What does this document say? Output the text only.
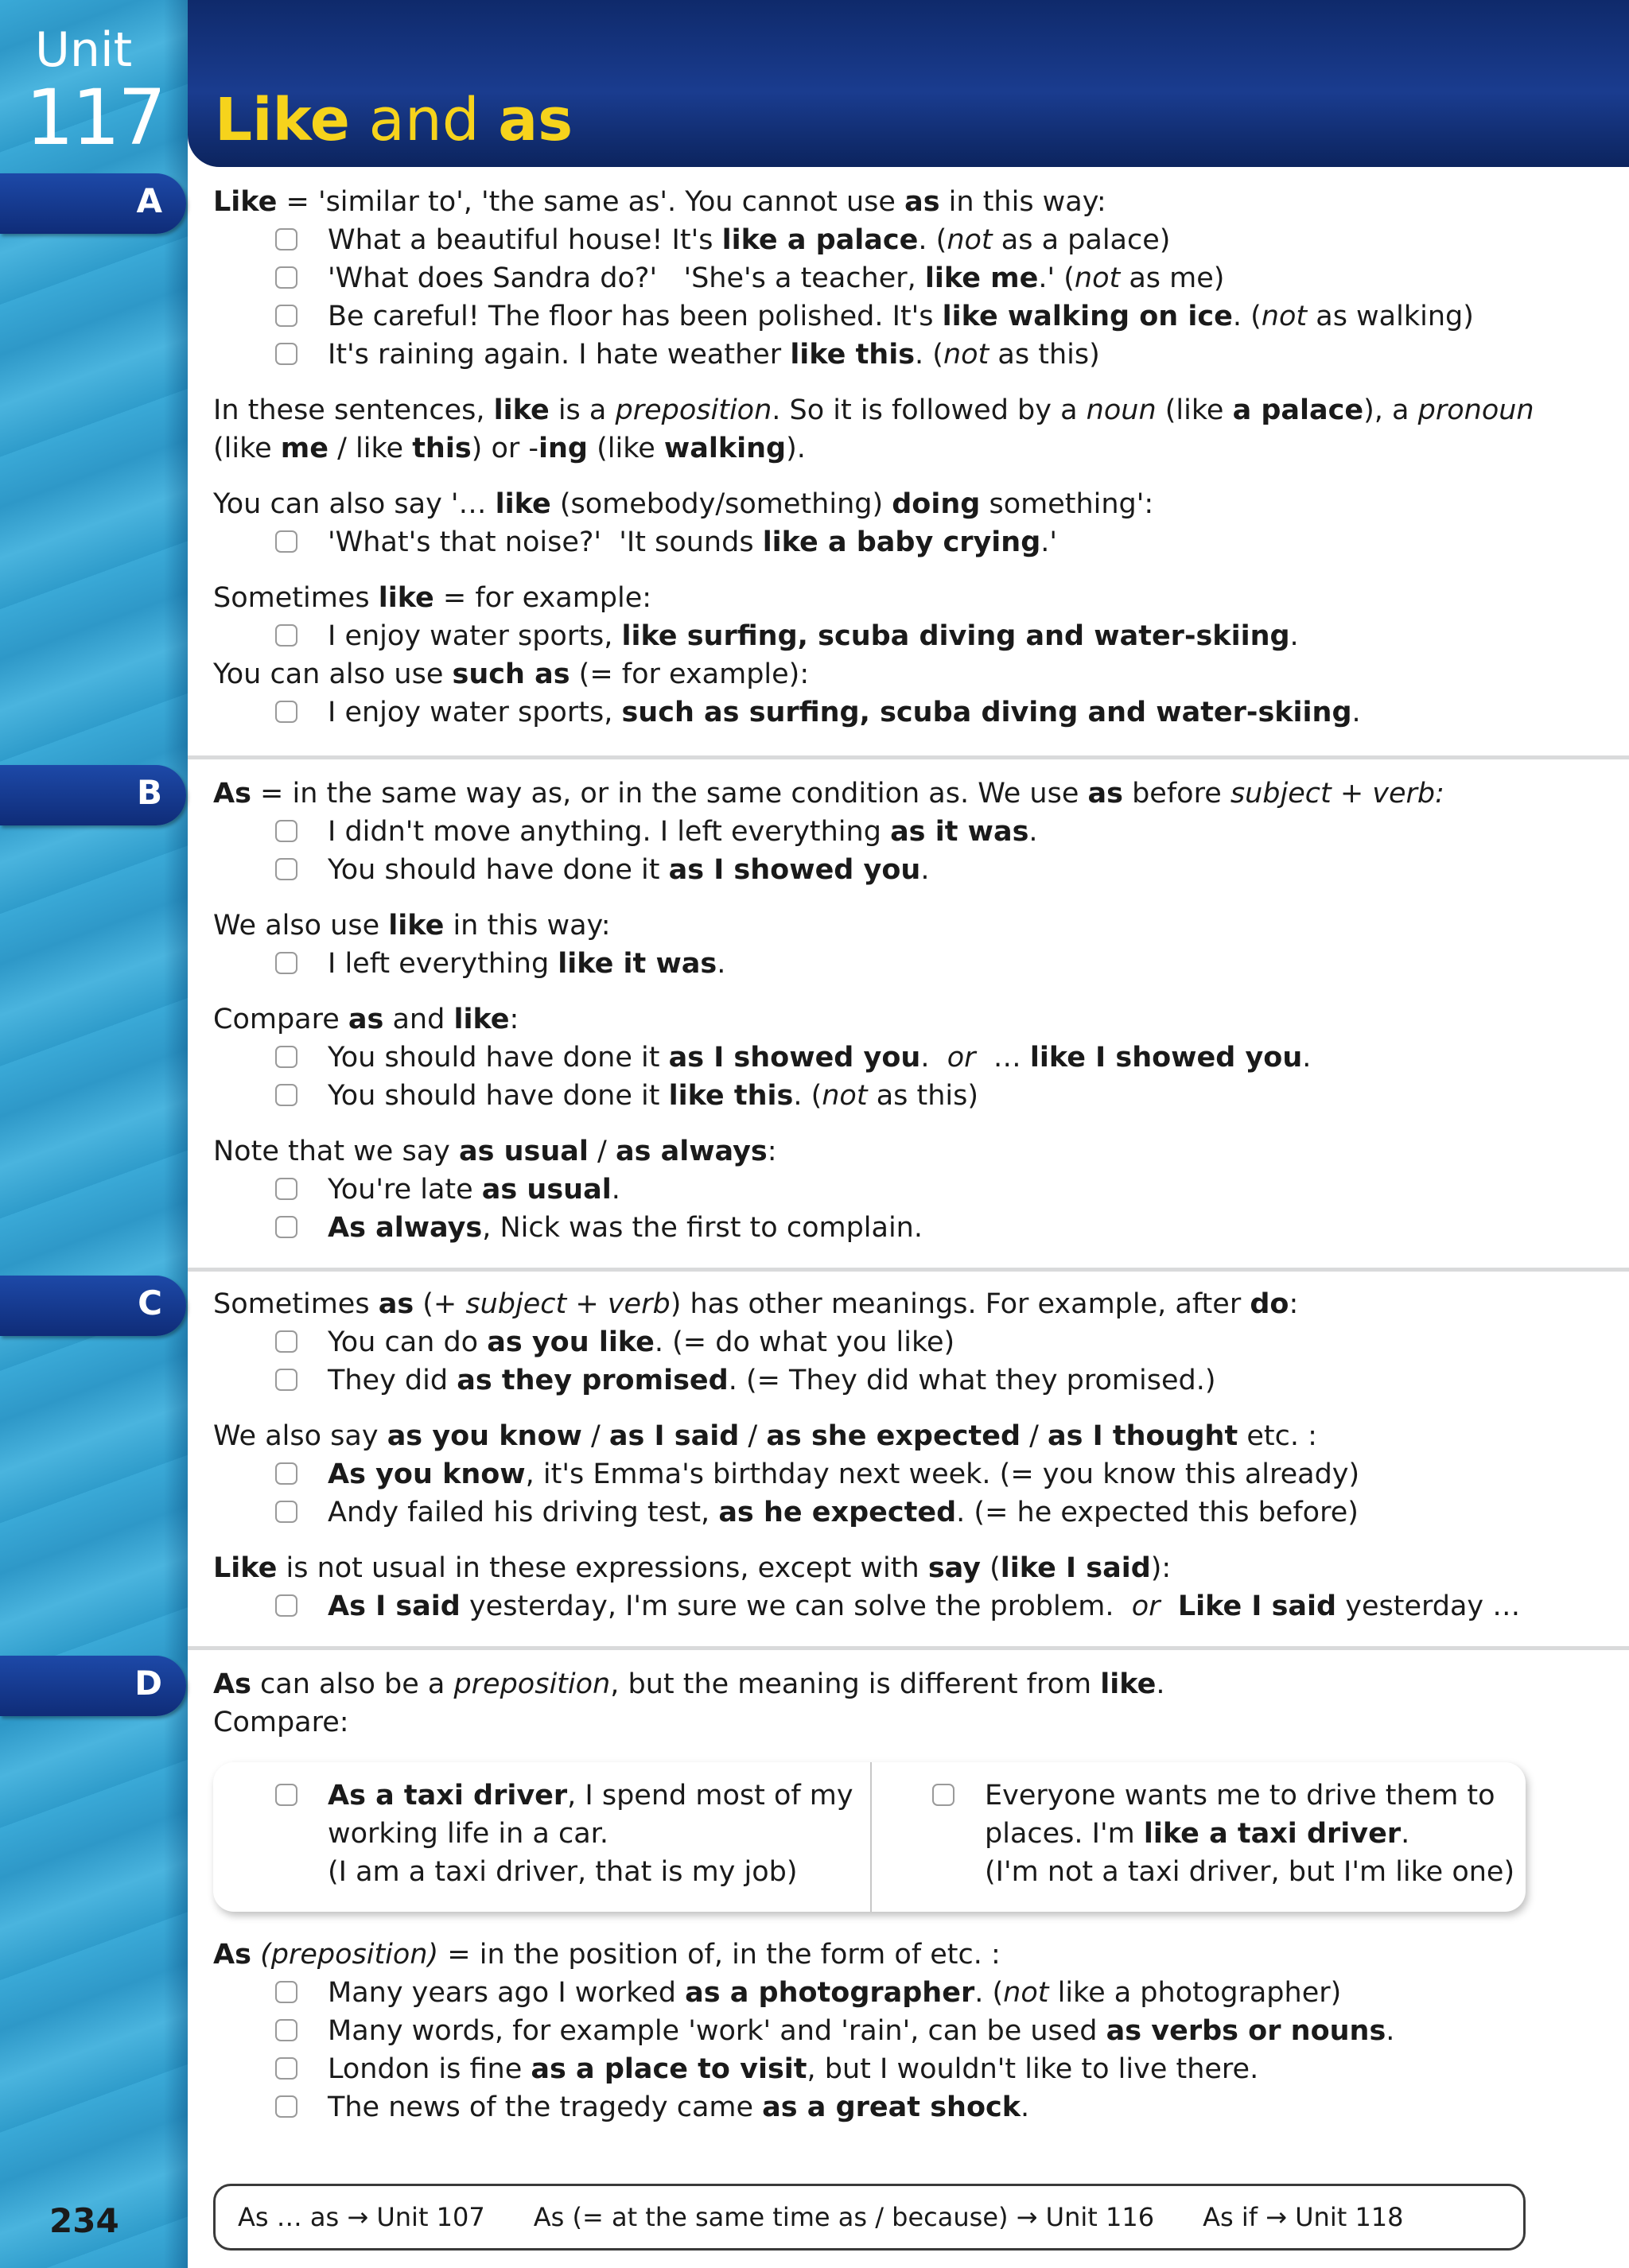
Unit
117 Like and as
A
B
C
D

Like = 'similar to', 'the same as'. You cannot use as in this way:

What a beautiful house! It's like a palace. (not as a palace)

'What does Sandra do?'   'She's a teacher, like me.' (not as me)

Be careful! The floor has been polished. It's like walking on ice. (not as walking)

It's raining again. I hate weather like this. (not as this)

In these sentences, like is a preposition. So it is followed by a noun (like a palace), a pronoun
(like me / like this) or -ing (like walking).

You can also say '… like (somebody/something) doing something':

'What's that noise?'  'It sounds like a baby crying.'

Sometimes like = for example:

I enjoy water sports, like surfing, scuba diving and water-skiing.

You can also use such as (= for example):

I enjoy water sports, such as surfing, scuba diving and water-skiing.

As = in the same way as, or in the same condition as. We use as before subject + verb:

I didn't move anything. I left everything as it was.

You should have done it as I showed you.

We also use like in this way:

I left everything like it was.

Compare as and like:

You should have done it as I showed you.  or  … like I showed you.

You should have done it like this. (not as this)

Note that we say as usual / as always:

You're late as usual.

As always, Nick was the first to complain.

Sometimes as (+ subject + verb) has other meanings. For example, after do:

You can do as you like. (= do what you like)

They did as they promised. (= They did what they promised.)

We also say as you know / as I said / as she expected / as I thought etc. :

As you know, it's Emma's birthday next week. (= you know this already)

Andy failed his driving test, as he expected. (= he expected this before)

Like is not usual in these expressions, except with say (like I said):

As I said yesterday, I'm sure we can solve the problem.  or Like I said yesterday …

As can also be a preposition, but the meaning is different from like.

Compare:

As a taxi driver, I spend most of my
working life in a car.
(I am a taxi driver, that is my job)
Everyone wants me to drive them to
places. I'm like a taxi driver.
(I'm not a taxi driver, but I'm like one)

As (preposition) = in the position of, in the form of etc. :

Many years ago I worked as a photographer. (not like a photographer)

Many words, for example 'work' and 'rain', can be used as verbs or nouns.

London is fine as a place to visit, but I wouldn't like to live there.

The news of the tragedy came as a great shock.

As … as → Unit 107 As (= at the same time as / because) → Unit 116 As if → Unit 118
234
